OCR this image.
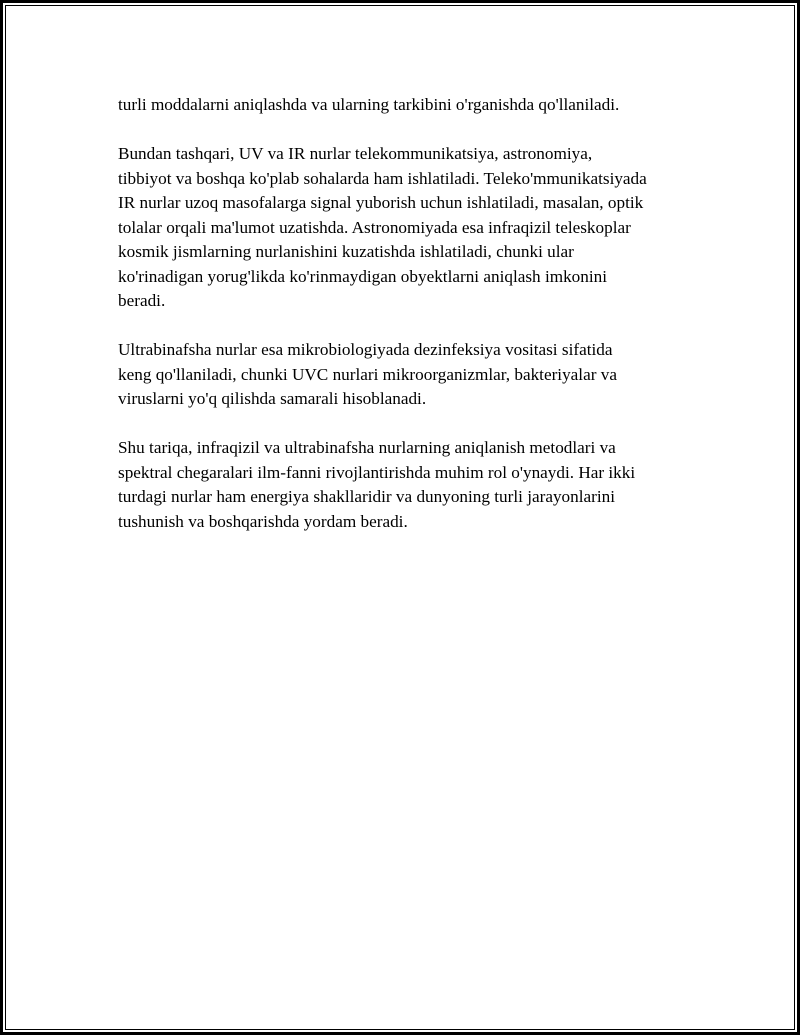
turli moddalarni aniqlashda va ularning tarkibini o'rganishda qo'llaniladi.

Bundan tashqari, UV va IR nurlar telekommunikatsiya, astronomiya,
tibbiyot va boshqa ko'plab sohalarda ham ishlatiladi. Teleko'mmunikatsiyada
IR nurlar uzoq masofalarga signal yuborish uchun ishlatiladi, masalan, optik
tolalar orqali ma'lumot uzatishda. Astronomiyada esa infraqizil teleskoplar
kosmik jismlarning nurlanishini kuzatishda ishlatiladi, chunki ular
ko'rinadigan yorug'likda ko'rinmaydigan obyektlarni aniqlash imkonini
beradi.

Ultrabinafsha nurlar esa mikrobiologiyada dezinfeksiya vositasi sifatida
keng qo'llaniladi, chunki UVC nurlari mikroorganizmlar, bakteriyalar va
viruslarni yo'q qilishda samarali hisoblanadi.

Shu tariqa, infraqizil va ultrabinafsha nurlarning aniqlanish metodlari va
spektral chegaralari ilm-fanni rivojlantirishda muhim rol o'ynaydi. Har ikki
turdagi nurlar ham energiya shakllaridir va dunyoning turli jarayonlarini
tushunish va boshqarishda yordam beradi.
